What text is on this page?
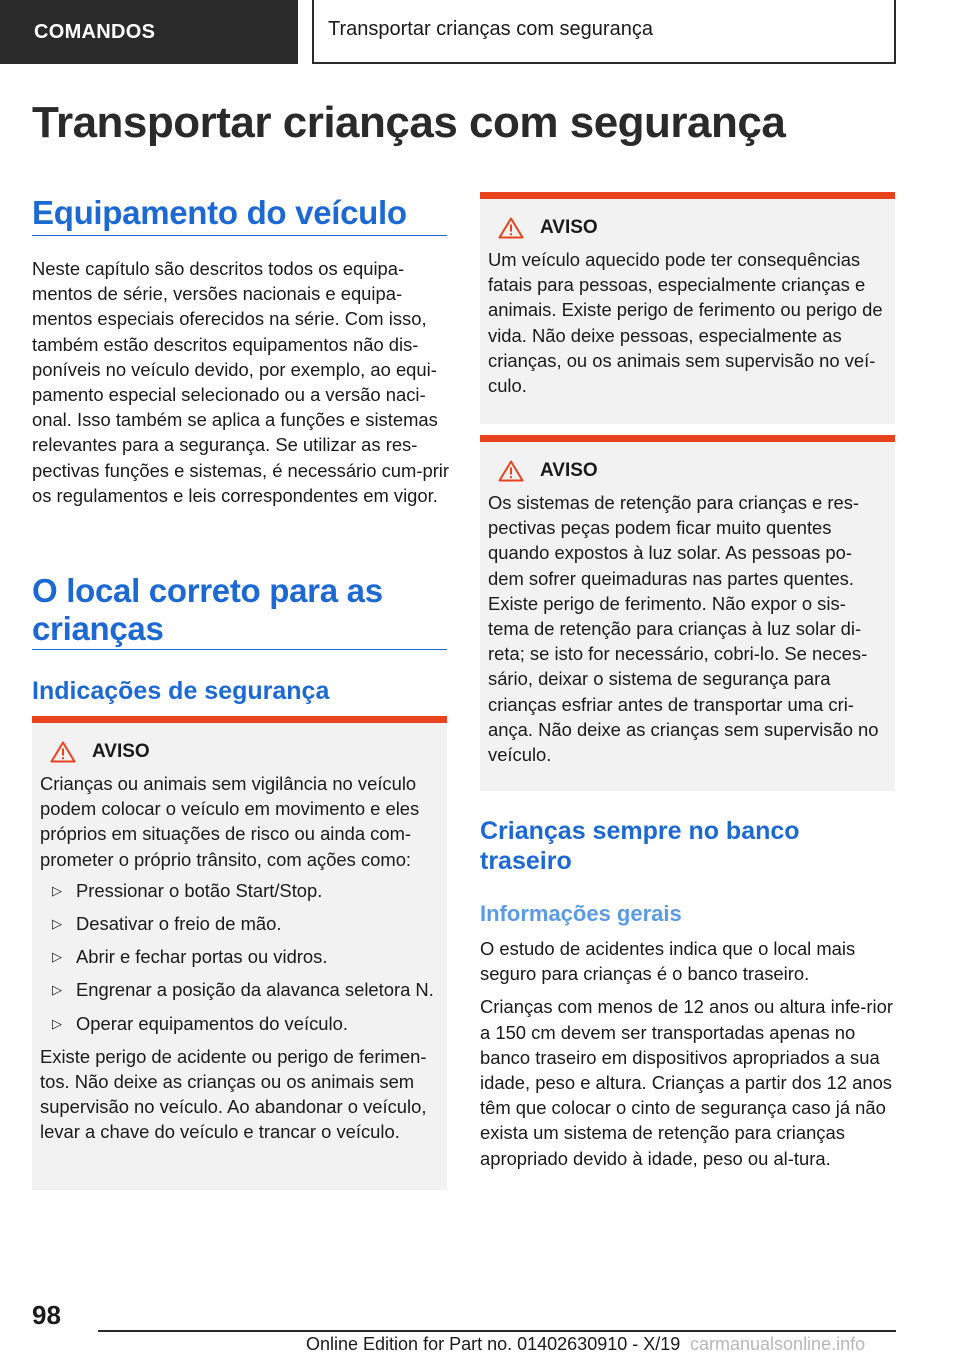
COMANDOS	Transportar crianças com segurança
Transportar crianças com segurança
Equipamento do veículo

Neste capítulo são descritos todos os equipa-mentos de série, versões nacionais e equipa-mentos especiais oferecidos na série. Com isso, também estão descritos equipamentos não dis-poníveis no veículo devido, por exemplo, ao equi-pamento especial selecionado ou a versão naci-onal. Isso também se aplica a funções e sistemas relevantes para a segurança. Se utilizar as res-pectivas funções e sistemas, é necessário cum-prir os regulamentos e leis correspondentes em vigor.

O local correto para as crianças
Indicações de segurança
AVISO
Crianças ou animais sem vigilância no veículo podem colocar o veículo em movimento e eles próprios em situações de risco ou ainda com-prometer o próprio trânsito, com ações como:
▷ Pressionar o botão Start/Stop.
▷ Desativar o freio de mão.
▷ Abrir e fechar portas ou vidros.
▷ Engrenar a posição da alavanca seletora N.
▷ Operar equipamentos do veículo.
Existe perigo de acidente ou perigo de ferimen-tos. Não deixe as crianças ou os animais sem supervisão no veículo. Ao abandonar o veículo, levar a chave do veículo e trancar o veículo.
AVISO
Um veículo aquecido pode ter consequências fatais para pessoas, especialmente crianças e animais. Existe perigo de ferimento ou perigo de vida. Não deixe pessoas, especialmente as crianças, ou os animais sem supervisão no veí-culo.
AVISO
Os sistemas de retenção para crianças e res-pectivas peças podem ficar muito quentes quando expostos à luz solar. As pessoas po-dem sofrer queimaduras nas partes quentes. Existe perigo de ferimento. Não expor o sis-tema de retenção para crianças à luz solar di-reta; se isto for necessário, cobri-lo. Se neces-sário, deixar o sistema de segurança para crianças esfriar antes de transportar uma cri-ança. Não deixe as crianças sem supervisão no veículo.
Crianças sempre no banco traseiro
Informações gerais

O estudo de acidentes indica que o local mais seguro para crianças é o banco traseiro.

Crianças com menos de 12 anos ou altura infe-rior a 150 cm devem ser transportadas apenas no banco traseiro em dispositivos apropriados a sua idade, peso e altura. Crianças a partir dos 12 anos têm que colocar o cinto de segurança caso já não exista um sistema de retenção para crianças apropriado devido à idade, peso ou al-tura.

98
Online Edition for Part no. 01402630910 - X/19 carmanualsonline.info
